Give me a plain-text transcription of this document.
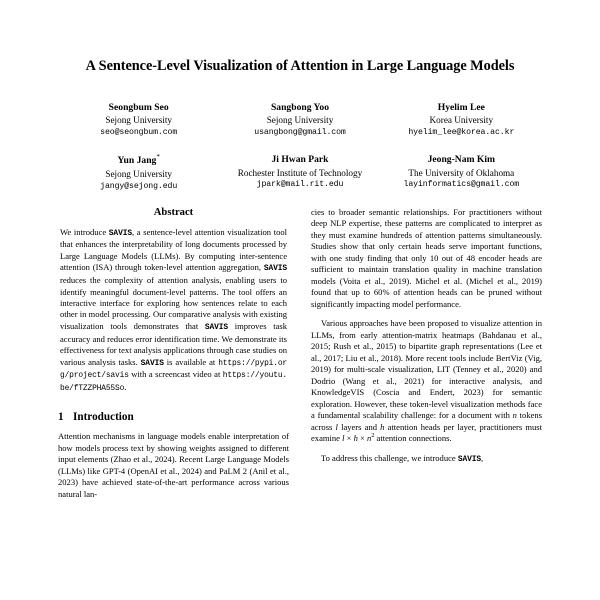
A Sentence-Level Visualization of Attention in Large Language Models
Seongbum Seo
Sejong University
seo@seongbum.com
Sangbong Yoo
Sejong University
usangbong@gmail.com
Hyelim Lee
Korea University
hyelim_lee@korea.ac.kr
Yun Jang*
Sejong University
jangy@sejong.edu
Ji Hwan Park
Rochester Institute of Technology
jpark@mail.rit.edu
Jeong-Nam Kim
The University of Oklahoma
layinformatics@gmail.com
Abstract

We introduce SAVIS, a sentence-level attention visualization tool that enhances the interpretability of long documents processed by Large Language Models (LLMs). By computing inter-sentence attention (ISA) through token-level attention aggregation, SAVIS reduces the complexity of attention analysis, enabling users to identify meaningful document-level patterns. The tool offers an interactive interface for exploring how sentences relate to each other in model processing. Our comparative analysis with existing visualization tools demonstrates that SAVIS improves task accuracy and reduces error identification time. We demonstrate its effectiveness for text analysis applications through case studies on various analysis tasks. SAVIS is available at https://pypi.org/project/savis with a screencast video at https://youtu.be/fTZZPHA55So.

1 Introduction

Attention mechanisms in language models enable interpretation of how models process text by showing weights assigned to different input elements (Zhao et al., 2024). Recent Large Language Models (LLMs) like GPT-4 (OpenAI et al., 2024) and PaLM 2 (Anil et al., 2023) have achieved state-of-the-art performance across various natural lan-

cies to broader semantic relationships. For practitioners without deep NLP expertise, these patterns are complicated to interpret as they must examine hundreds of attention patterns simultaneously. Studies show that only certain heads serve important functions, with one study finding that only 10 out of 48 encoder heads are sufficient to maintain translation quality in machine translation models (Voita et al., 2019). Michel et al. (Michel et al., 2019) found that up to 60% of attention heads can be pruned without significantly impacting model performance.

Various approaches have been proposed to visualize attention in LLMs, from early attention-matrix heatmaps (Bahdanau et al., 2015; Rush et al., 2015) to bipartite graph representations (Lee et al., 2017; Liu et al., 2018). More recent tools include BertViz (Vig, 2019) for multi-scale visualization, LIT (Tenney et al., 2020) and Dodrio (Wang et al., 2021) for interactive analysis, and KnowledgeVIS (Coscia and Endert, 2023) for semantic exploration. However, these token-level visualization methods face a fundamental scalability challenge: for a document with n tokens across l layers and h attention heads per layer, practitioners must examine $l \times h \times n^2$ attention connections.

To address this challenge, we introduce SAVIS,
